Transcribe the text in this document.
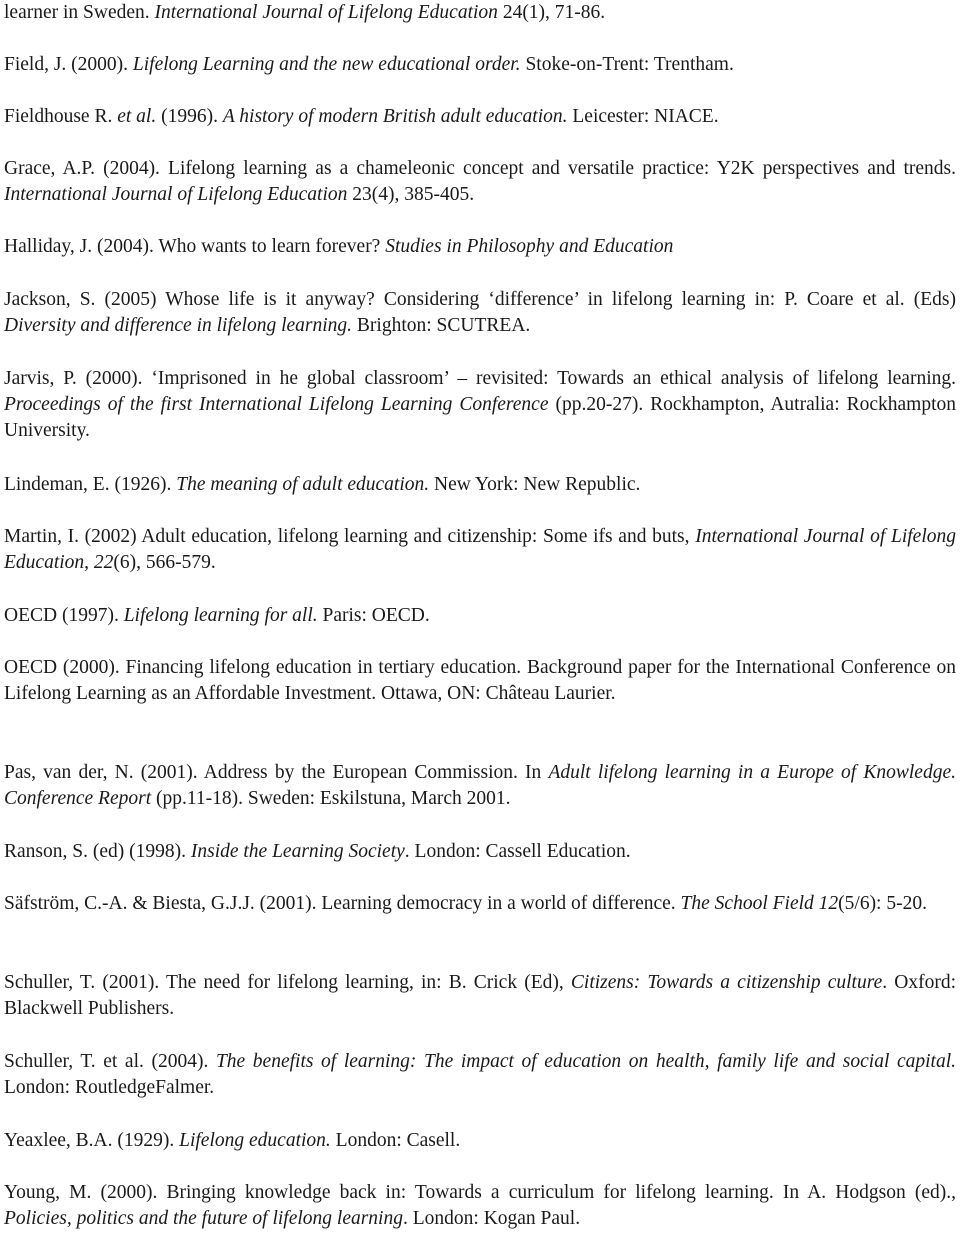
learner in Sweden. International Journal of Lifelong Education 24(1), 71-86.

Field, J. (2000). Lifelong Learning and the new educational order. Stoke-on-Trent: Trentham.

Fieldhouse R. et al. (1996). A history of modern British adult education. Leicester: NIACE.

Grace, A.P. (2004). Lifelong learning as a chameleonic concept and versatile practice: Y2K perspectives and trends. International Journal of Lifelong Education 23(4), 385-405.

Halliday, J. (2004). Who wants to learn forever? Studies in Philosophy and Education

Jackson, S. (2005) Whose life is it anyway? Considering ‘difference’ in lifelong learning in: P. Coare et al. (Eds) Diversity and difference in lifelong learning. Brighton: SCUTREA.

Jarvis, P. (2000). ‘Imprisoned in he global classroom’ – revisited: Towards an ethical analysis of lifelong learning. Proceedings of the first International Lifelong Learning Conference (pp.20-27). Rockhampton, Autralia: Rockhampton University.

Lindeman, E. (1926). The meaning of adult education. New York: New Republic.

Martin, I. (2002) Adult education, lifelong learning and citizenship: Some ifs and buts, International Journal of Lifelong Education, 22(6), 566-579.

OECD (1997). Lifelong learning for all. Paris: OECD.

OECD (2000). Financing lifelong education in tertiary education. Background paper for the International Conference on Lifelong Learning as an Affordable Investment. Ottawa, ON: Château Laurier.

Pas, van der, N. (2001). Address by the European Commission. In Adult lifelong learning in a Europe of Knowledge. Conference Report (pp.11-18). Sweden: Eskilstuna, March 2001.

Ranson, S. (ed) (1998). Inside the Learning Society. London: Cassell Education.

Säfström, C.-A. & Biesta, G.J.J. (2001). Learning democracy in a world of difference. The School Field 12(5/6): 5-20.

Schuller, T. (2001). The need for lifelong learning, in: B. Crick (Ed), Citizens: Towards a citizenship culture. Oxford: Blackwell Publishers.

Schuller, T. et al. (2004). The benefits of learning: The impact of education on health, family life and social capital. London: RoutledgeFalmer.

Yeaxlee, B.A. (1929). Lifelong education. London: Casell.

Young, M. (2000). Bringing knowledge back in: Towards a curriculum for lifelong learning. In A. Hodgson (ed)., Policies, politics and the future of lifelong learning. London: Kogan Paul.
